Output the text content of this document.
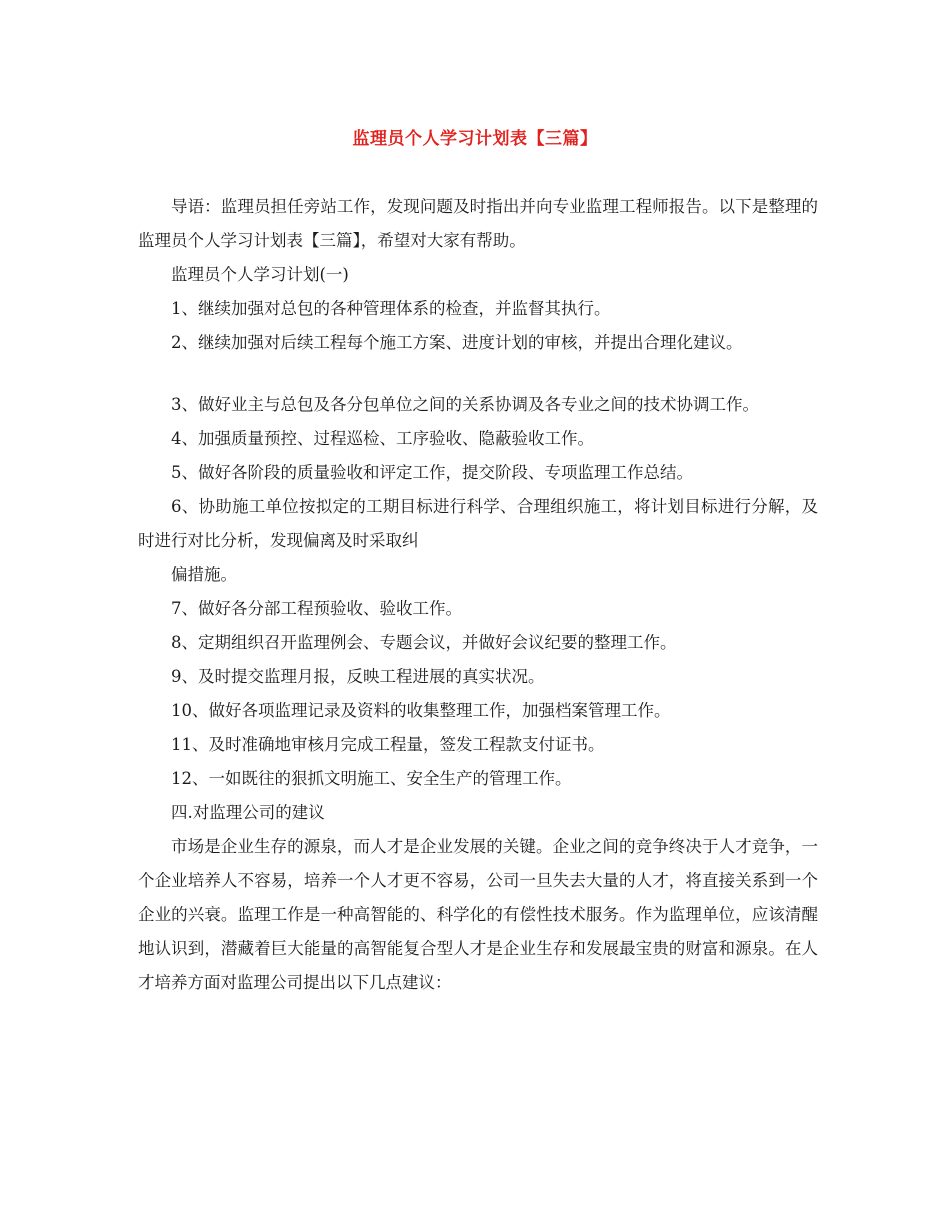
监理员个人学习计划表【三篇】

导语：监理员担任旁站工作，发现问题及时指出并向专业监理工程师报告。以下是整理的监理员个人学习计划表【三篇】，希望对大家有帮助。

监理员个人学习计划(一)

1、继续加强对总包的各种管理体系的检查，并监督其执行。

2、继续加强对后续工程每个施工方案、进度计划的审核，并提出合理化建议。

3、做好业主与总包及各分包单位之间的关系协调及各专业之间的技术协调工作。

4、加强质量预控、过程巡检、工序验收、隐蔽验收工作。

5、做好各阶段的质量验收和评定工作，提交阶段、专项监理工作总结。

6、协助施工单位按拟定的工期目标进行科学、合理组织施工，将计划目标进行分解，及时进行对比分析，发现偏离及时采取纠

偏措施。

7、做好各分部工程预验收、验收工作。

8、定期组织召开监理例会、专题会议，并做好会议纪要的整理工作。

9、及时提交监理月报，反映工程进展的真实状况。

10、做好各项监理记录及资料的收集整理工作，加强档案管理工作。

11、及时准确地审核月完成工程量，签发工程款支付证书。

12、一如既往的狠抓文明施工、安全生产的管理工作。

四.对监理公司的建议

市场是企业生存的源泉，而人才是企业发展的关键。企业之间的竞争终决于人才竞争，一个企业培养人不容易，培养一个人才更不容易，公司一旦失去大量的人才，将直接关系到一个企业的兴衰。监理工作是一种高智能的、科学化的有偿性技术服务。作为监理单位，应该清醒地认识到，潜藏着巨大能量的高智能复合型人才是企业生存和发展最宝贵的财富和源泉。在人才培养方面对监理公司提出以下几点建议：
